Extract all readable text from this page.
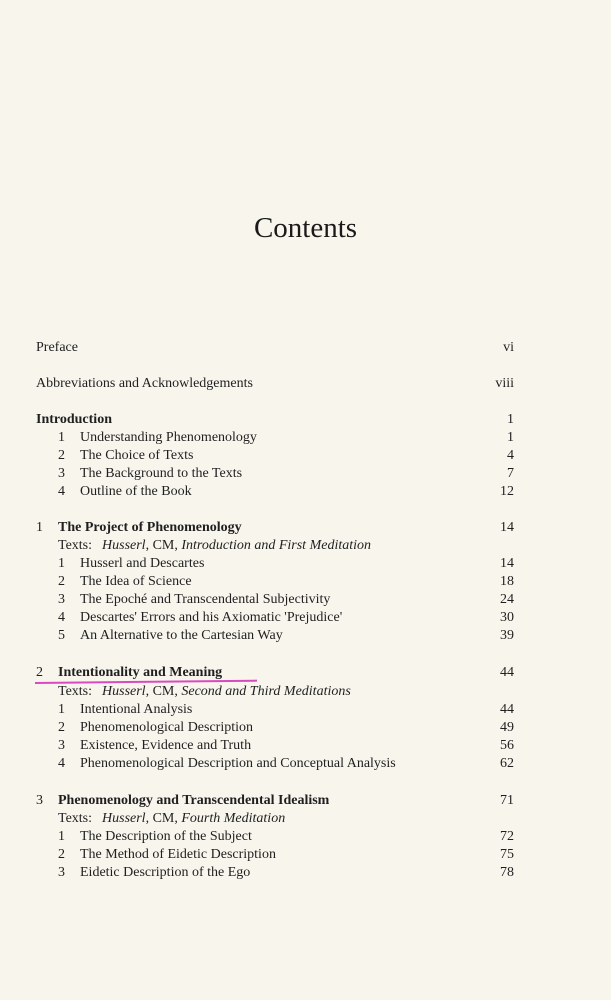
Contents
Preface	vi
Abbreviations and Acknowledgements	viii
Introduction	1
1 Understanding Phenomenology	1
2 The Choice of Texts	4
3 The Background to the Texts	7
4 Outline of the Book	12
1 The Project of Phenomenology	14
Texts: Husserl, CM, Introduction and First Meditation
1 Husserl and Descartes	14
2 The Idea of Science	18
3 The Epoché and Transcendental Subjectivity	24
4 Descartes' Errors and his Axiomatic 'Prejudice'	30
5 An Alternative to the Cartesian Way	39
2 Intentionality and Meaning	44
Texts: Husserl, CM, Second and Third Meditations
1 Intentional Analysis	44
2 Phenomenological Description	49
3 Existence, Evidence and Truth	56
4 Phenomenological Description and Conceptual Analysis	62
3 Phenomenology and Transcendental Idealism	71
Texts: Husserl, CM, Fourth Meditation
1 The Description of the Subject	72
2 The Method of Eidetic Description	75
3 Eidetic Description of the Ego	78
